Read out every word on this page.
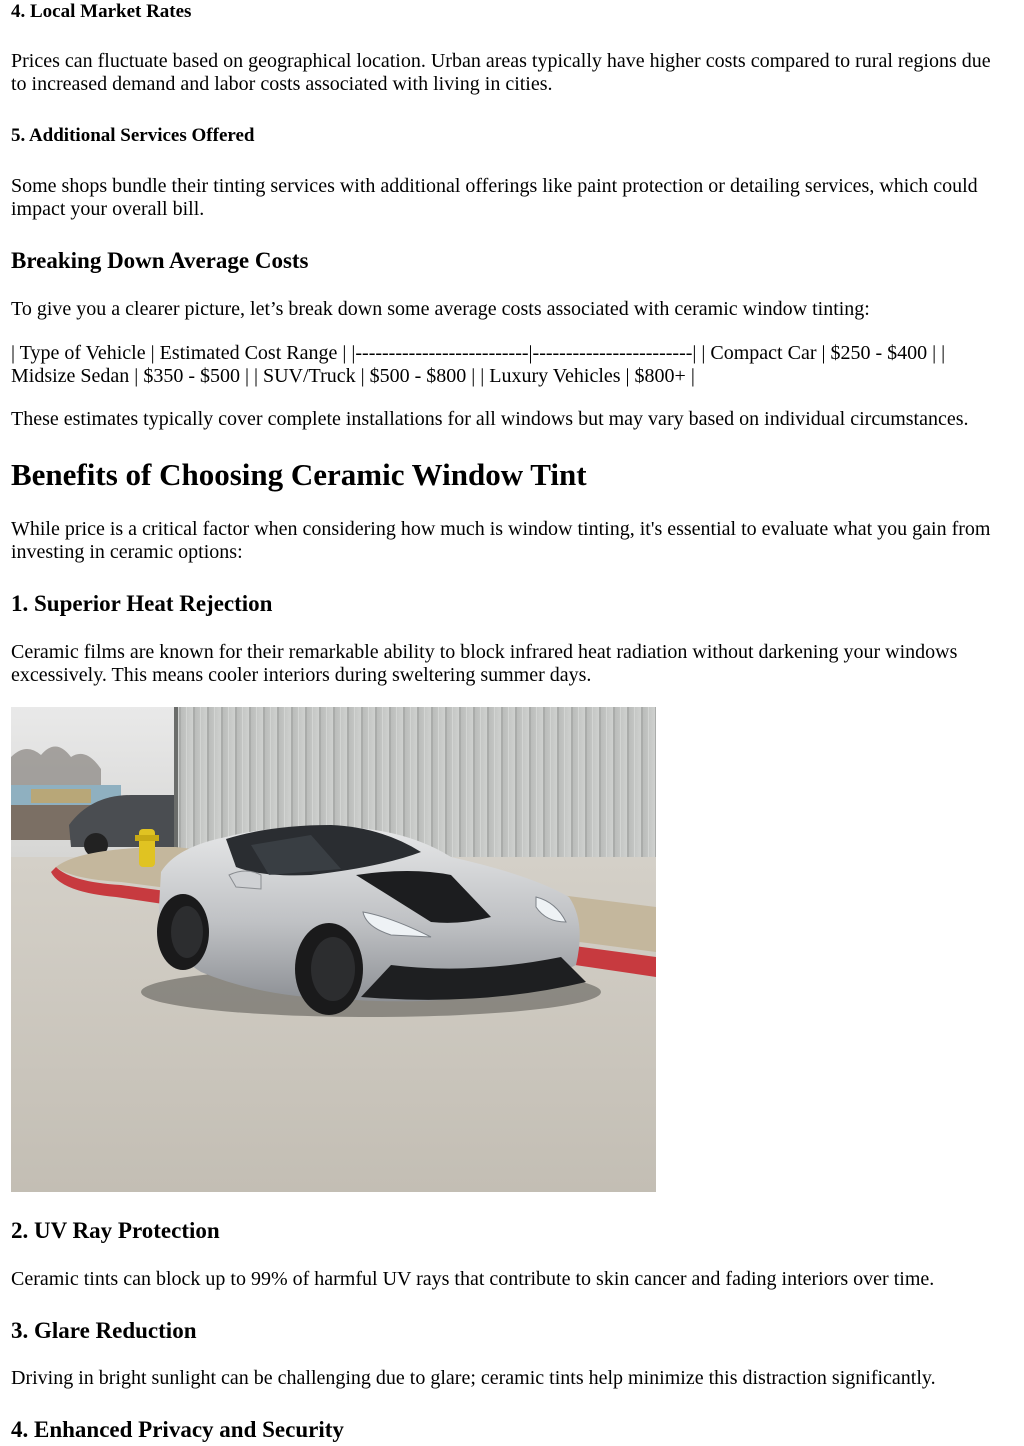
4. Local Market Rates

Prices can fluctuate based on geographical location. Urban areas typically have higher costs compared to rural regions due to increased demand and labor costs associated with living in cities.

5. Additional Services Offered

Some shops bundle their tinting services with additional offerings like paint protection or detailing services, which could impact your overall bill.

Breaking Down Average Costs

To give you a clearer picture, let’s break down some average costs associated with ceramic window tinting:

| Type of Vehicle | Estimated Cost Range | |--------------------------|------------------------| | Compact Car | $250 - $400 | | Midsize Sedan | $350 - $500 | | SUV/Truck | $500 - $800 | | Luxury Vehicles | $800+ |

These estimates typically cover complete installations for all windows but may vary based on individual circumstances.

Benefits of Choosing Ceramic Window Tint

While price is a critical factor when considering how much is window tinting, it's essential to evaluate what you gain from investing in ceramic options:

1. Superior Heat Rejection

Ceramic films are known for their remarkable ability to block infrared heat radiation without darkening your windows excessively. This means cooler interiors during sweltering summer days.

2. UV Ray Protection

Ceramic tints can block up to 99% of harmful UV rays that contribute to skin cancer and fading interiors over time.

3. Glare Reduction

Driving in bright sunlight can be challenging due to glare; ceramic tints help minimize this distraction significantly.

4. Enhanced Privacy and Security
